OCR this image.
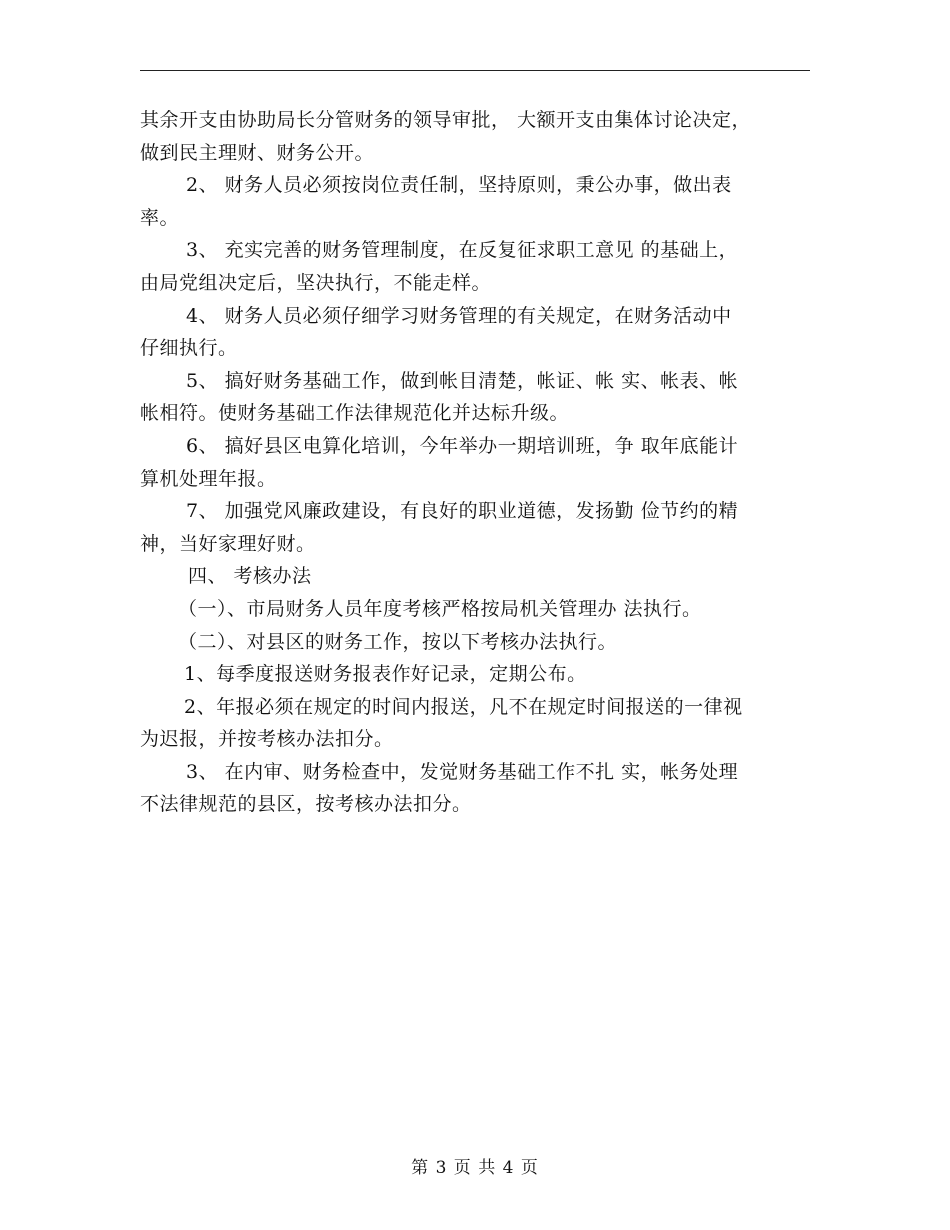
其余开支由协助局长分管财务的领导审批， 大额开支由集体讨论决定，
做到民主理财、财务公开。
2、 财务人员必须按岗位责任制，坚持原则，秉公办事，做出表
率。
3、 充实完善的财务管理制度，在反复征求职工意见 的基础上，
由局党组决定后，坚决执行，不能走样。
4、 财务人员必须仔细学习财务管理的有关规定，在财务活动中
仔细执行。
5、 搞好财务基础工作，做到帐目清楚，帐证、帐 实、帐表、帐
帐相符。使财务基础工作法律规范化并达标升级。
6、 搞好县区电算化培训，今年举办一期培训班，争 取年底能计
算机处理年报。
7、 加强党风廉政建设，有良好的职业道德，发扬勤 俭节约的精
神，当好家理好财。
四、 考核办法
（一）、市局财务人员年度考核严格按局机关管理办 法执行。
（二）、对县区的财务工作，按以下考核办法执行。
1、每季度报送财务报表作好记录，定期公布。
2、年报必须在规定的时间内报送，凡不在规定时间报送的一律视
为迟报，并按考核办法扣分。
3、 在内审、财务检查中，发觉财务基础工作不扎 实，帐务处理
不法律规范的县区，按考核办法扣分。
第 3 页 共 4 页
